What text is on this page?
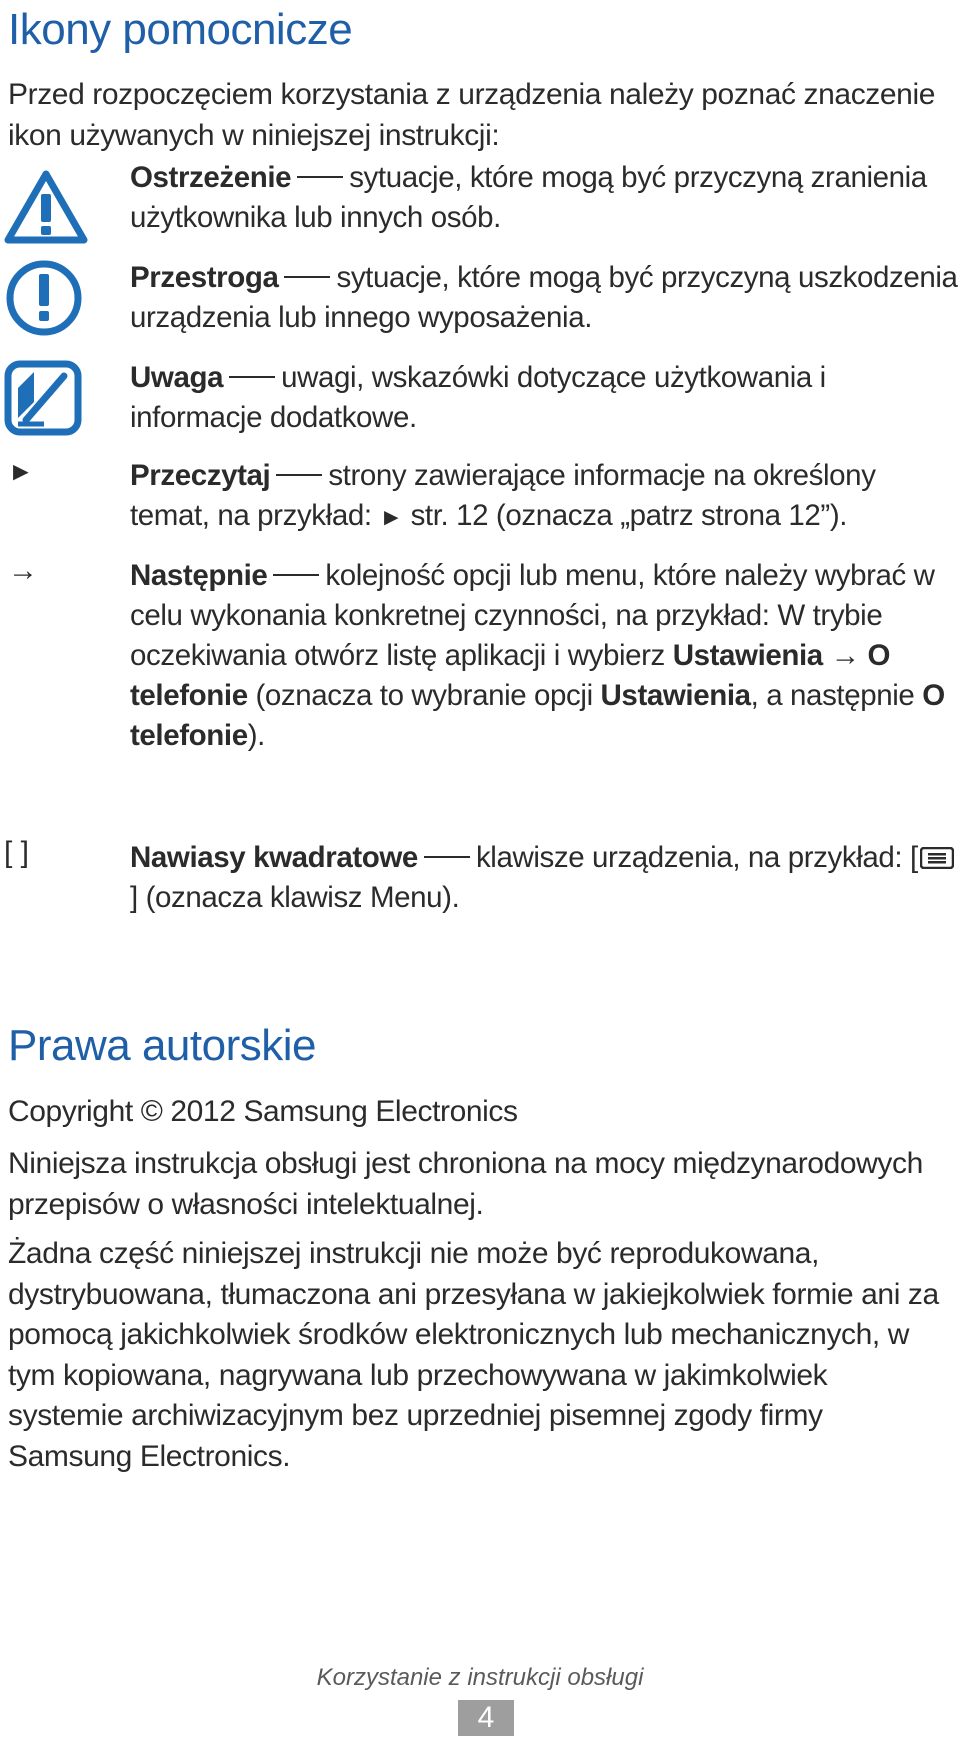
Ikony pomocnicze

Przed rozpoczęciem korzystania z urządzenia należy poznać znaczenie ikon używanych w niniejszej instrukcji:

Ostrzeżenie sytuacje, które mogą być przyczyną zranienia użytkownika lub innych osób.

Przestroga sytuacje, które mogą być przyczyną uszkodzenia urządzenia lub innego wyposażenia.

Uwaga uwagi, wskazówki dotyczące użytkowania i informacje dodatkowe.

►	Przeczytaj strony zawierające informacje na określony temat, na przykład: ► str. 12 (oznacza „patrz strona 12”).

→	Następnie kolejność opcji lub menu, które należy wybrać w celu wykonania konkretnej czynności, na przykład: W trybie oczekiwania otwórz listę aplikacji i wybierz Ustawienia → O telefonie (oznacza to wybranie opcji Ustawienia, a następnie O telefonie).

[ ]	Nawiasy kwadratowe klawisze urządzenia, na przykład: [] (oznacza klawisz Menu).

Prawa autorskie

Copyright © 2012 Samsung Electronics

Niniejsza instrukcja obsługi jest chroniona na mocy międzynarodowych przepisów o własności intelektualnej.

Żadna część niniejszej instrukcji nie może być reprodukowana, dystrybuowana, tłumaczona ani przesyłana w jakiejkolwiek formie ani za pomocą jakichkolwiek środków elektronicznych lub mechanicznych, w tym kopiowana, nagrywana lub przechowywana w jakimkolwiek systemie archiwizacyjnym bez uprzedniej pisemnej zgody firmy Samsung Electronics.

Korzystanie z instrukcji obsługi
4
